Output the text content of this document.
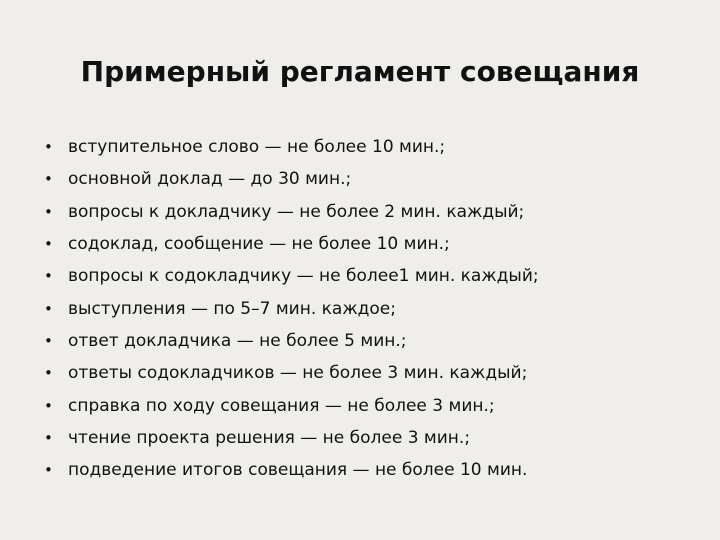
Примерный регламент совещания
• вступительное слово — не более 10 мин.;
• основной доклад — до 30 мин.;
• вопросы к докладчику — не более 2 мин. каждый;
• содоклад, сообщение — не более 10 мин.;
• вопросы к содокладчику — не более1 мин. каждый;
• выступления — по 5–7 мин. каждое;
• ответ докладчика — не более 5 мин.;
• ответы содокладчиков — не более 3 мин. каждый;
• справка по ходу совещания — не более 3 мин.;
• чтение проекта решения — не более 3 мин.;
• подведение итогов совещания — не более 10 мин.
